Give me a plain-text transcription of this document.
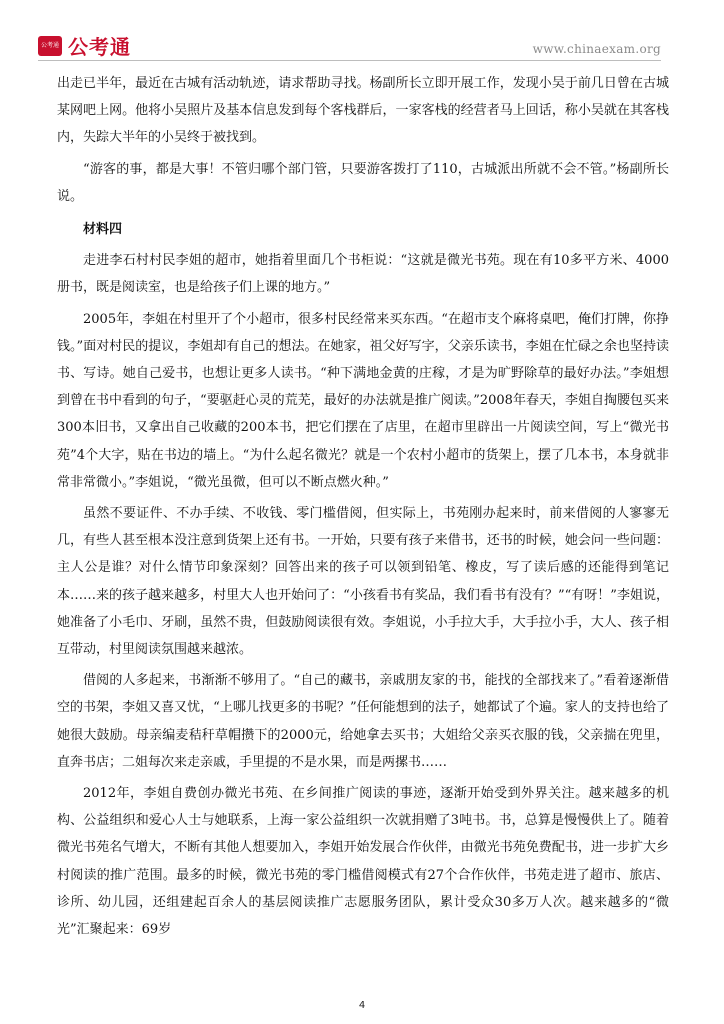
公考通 公考通	www.chinaexam.org

出走已半年，最近在古城有活动轨迹，请求帮助寻找。杨副所长立即开展工作，发现小吴于前几日曾在古城某网吧上网。他将小吴照片及基本信息发到每个客栈群后，一家客栈的经营者马上回话，称小吴就在其客栈内，失踪大半年的小吴终于被找到。

“游客的事，都是大事！不管归哪个部门管，只要游客拨打了110，古城派出所就不会不管。”杨副所长说。

材料四

走进李石村村民李姐的超市，她指着里面几个书柜说：“这就是微光书苑。现在有10多平方米、4000册书，既是阅读室，也是给孩子们上课的地方。”

2005年，李姐在村里开了个小超市，很多村民经常来买东西。“在超市支个麻将桌吧，俺们打牌，你挣钱。”面对村民的提议，李姐却有自己的想法。在她家，祖父好写字，父亲乐读书，李姐在忙碌之余也坚持读书、写诗。她自己爱书，也想让更多人读书。“种下满地金黄的庄稼，才是为旷野除草的最好办法。”李姐想到曾在书中看到的句子，“要驱赶心灵的荒芜，最好的办法就是推广阅读。”2008年春天，李姐自掏腰包买来300本旧书，又拿出自己收藏的200本书，把它们摆在了店里，在超市里辟出一片阅读空间，写上“微光书苑”4个大字，贴在书边的墙上。“为什么起名微光？就是一个农村小超市的货架上，摆了几本书，本身就非常非常微小。”李姐说，“微光虽微，但可以不断点燃火种。”

虽然不要证件、不办手续、不收钱、零门槛借阅，但实际上，书苑刚办起来时，前来借阅的人寥寥无几，有些人甚至根本没注意到货架上还有书。一开始，只要有孩子来借书，还书的时候，她会问一些问题：主人公是谁？对什么情节印象深刻？回答出来的孩子可以领到铅笔、橡皮，写了读后感的还能得到笔记本……来的孩子越来越多，村里大人也开始问了：“小孩看书有奖品，我们看书有没有？”“有呀！”李姐说，她准备了小毛巾、牙刷，虽然不贵，但鼓励阅读很有效。李姐说，小手拉大手，大手拉小手，大人、孩子相互带动，村里阅读氛围越来越浓。

借阅的人多起来，书渐渐不够用了。“自己的藏书，亲戚朋友家的书，能找的全部找来了。”看着逐渐借空的书架，李姐又喜又忧，“上哪儿找更多的书呢？”任何能想到的法子，她都试了个遍。家人的支持也给了她很大鼓励。母亲编麦秸秆草帽攒下的2000元，给她拿去买书；大姐给父亲买衣服的钱，父亲揣在兜里，直奔书店；二姐每次来走亲戚，手里提的不是水果，而是两摞书……

2012年，李姐自费创办微光书苑、在乡间推广阅读的事迹，逐渐开始受到外界关注。越来越多的机构、公益组织和爱心人士与她联系，上海一家公益组织一次就捐赠了3吨书。书，总算是慢慢供上了。随着微光书苑名气增大，不断有其他人想要加入，李姐开始发展合作伙伴，由微光书苑免费配书，进一步扩大乡村阅读的推广范围。最多的时候，微光书苑的零门槛借阅模式有27个合作伙伴，书苑走进了超市、旅店、诊所、幼儿园，还组建起百余人的基层阅读推广志愿服务团队，累计受众30多万人次。越来越多的“微光”汇聚起来：69岁

4
